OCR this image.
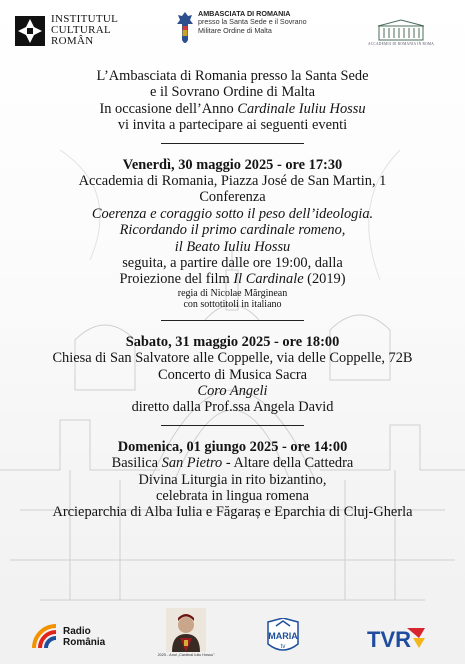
INSTITUTUL
CULTURAL
ROMÂN
AMBASCIATA DI ROMANIA
presso la Santa Sede e il Sovrano
Militare Ordine di Malta
ACCADEMIA DI ROMANIA IN ROMA
L’Ambasciata di Romania presso la Santa Sede
e il Sovrano Ordine di Malta
In occasione dell’Anno Cardinale Iuliu Hossu
vi invita a partecipare ai seguenti eventi
Venerdì, 30 maggio 2025 - ore 17:30
Accademia di Romania, Piazza José de San Martin, 1
Conferenza
Coerenza e coraggio sotto il peso dell’ideologia.
Ricordando il primo cardinale romeno,
il Beato Iuliu Hossu
seguita, a partire dalle ore 19:00, dalla
Proiezione del film Il Cardinale (2019)
regia di Nicolae Mărginean
con sottotitoli in italiano
Sabato, 31 maggio 2025 - ore 18:00
Chiesa di San Salvatore alle Coppelle, via delle Coppelle, 72B
Concerto di Musica Sacra
Coro Angeli
diretto dalla Prof.ssa Angela David
Domenica, 01 giungo 2025 - ore 14:00
Basilica San Pietro - Altare della Cattedra
Divina Liturgia in rito bizantino,
celebrata in lingua romena
Arcieparchia di Alba Iulia e Făgaraș e Eparchia di Cluj-Gherla
Radio
România
2025 - Anul „Cardinal Iuliu Hossu"
MARIA
tv	TVR
